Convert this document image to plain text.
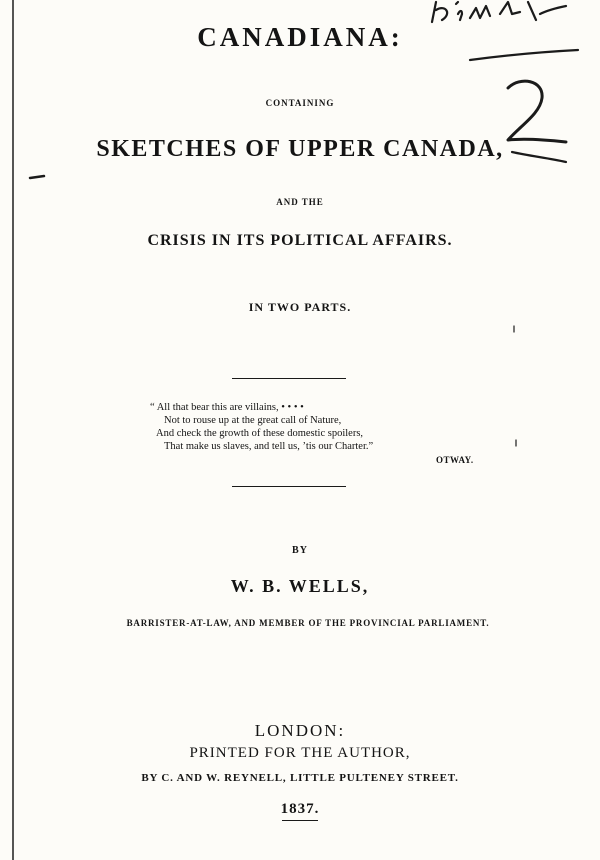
CANADIANA:
CONTAINING
SKETCHES OF UPPER CANADA,
AND THE
CRISIS IN ITS POLITICAL AFFAIRS.
IN TWO PARTS.
“ All that bear this are villains, • • • •
Not to rouse up at the great call of Nature,
And check the growth of these domestic spoilers,
That make us slaves, and tell us, ’tis our Charter.”
OTWAY.
BY
W. B. WELLS,
BARRISTER-AT-LAW, AND MEMBER OF THE PROVINCIAL PARLIAMENT.
LONDON:
PRINTED FOR THE AUTHOR,
BY C. AND W. REYNELL, LITTLE PULTENEY STREET.
1837.
